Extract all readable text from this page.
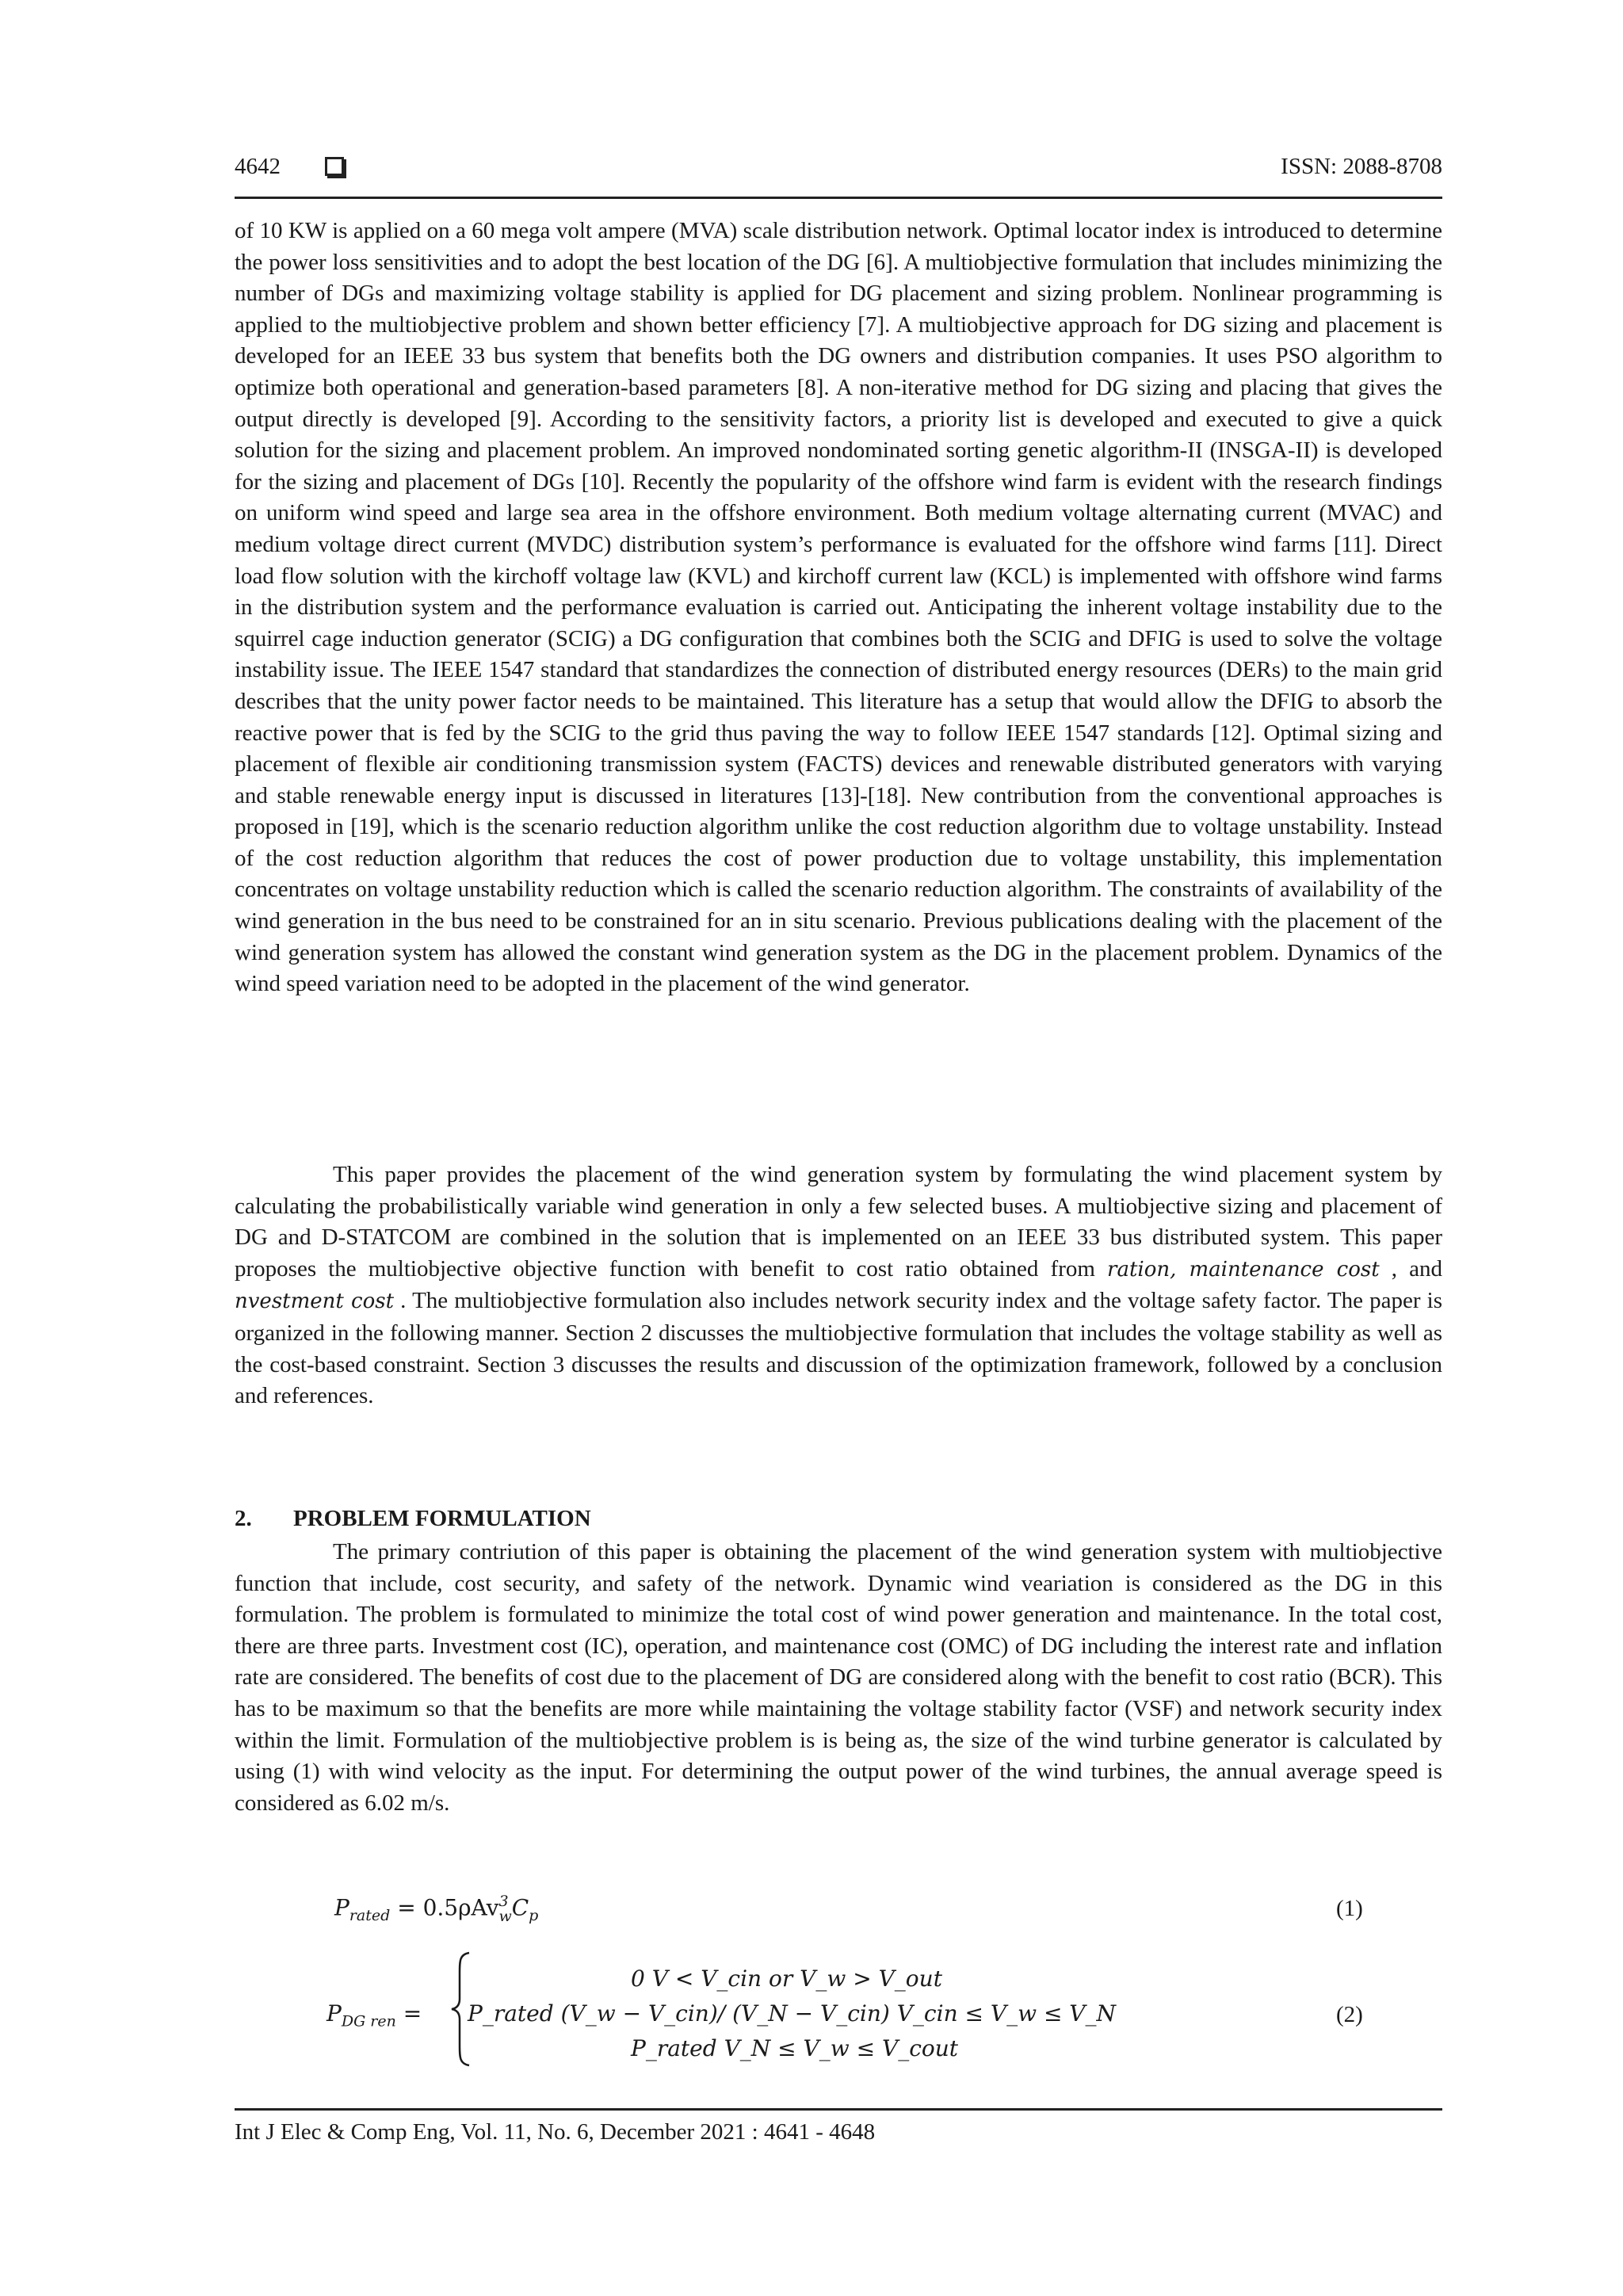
4642	ISSN: 2088-8708

of 10 KW is applied on a 60 mega volt ampere (MVA) scale distribution network. Optimal locator index is introduced to determine the power loss sensitivities and to adopt the best location of the DG [6]. A multiobjective formulation that includes minimizing the number of DGs and maximizing voltage stability is applied for DG placement and sizing problem. Nonlinear programming is applied to the multiobjective problem and shown better efficiency [7]. A multiobjective approach for DG sizing and placement is developed for an IEEE 33 bus system that benefits both the DG owners and distribution companies. It uses PSO algorithm to optimize both operational and generation-based parameters [8]. A non-iterative method for DG sizing and placing that gives the output directly is developed [9]. According to the sensitivity factors, a priority list is developed and executed to give a quick solution for the sizing and placement problem. An improved nondominated sorting genetic algorithm-II (INSGA-II) is developed for the sizing and placement of DGs [10]. Recently the popularity of the offshore wind farm is evident with the research findings on uniform wind speed and large sea area in the offshore environment. Both medium voltage alternating current (MVAC) and medium voltage direct current (MVDC) distribution system’s performance is evaluated for the offshore wind farms [11]. Direct load flow solution with the kirchoff voltage law (KVL) and kirchoff current law (KCL) is implemented with offshore wind farms in the distribution system and the performance evaluation is carried out. Anticipating the inherent voltage instability due to the squirrel cage induction generator (SCIG) a DG configuration that combines both the SCIG and DFIG is used to solve the voltage instability issue. The IEEE 1547 standard that standardizes the connection of distributed energy resources (DERs) to the main grid describes that the unity power factor needs to be maintained. This literature has a setup that would allow the DFIG to absorb the reactive power that is fed by the SCIG to the grid thus paving the way to follow IEEE 1547 standards [12]. Optimal sizing and placement of flexible air conditioning transmission system (FACTS) devices and renewable distributed generators with varying and stable renewable energy input is discussed in literatures [13]-[18]. New contribution from the conventional approaches is proposed in [19], which is the scenario reduction algorithm unlike the cost reduction algorithm due to voltage unstability. Instead of the cost reduction algorithm that reduces the cost of power production due to voltage unstability, this implementation concentrates on voltage unstability reduction which is called the scenario reduction algorithm. The constraints of availability of the wind generation in the bus need to be constrained for an in situ scenario. Previous publications dealing with the placement of the wind generation system has allowed the constant wind generation system as the DG in the placement problem. Dynamics of the wind speed variation need to be adopted in the placement of the wind generator.

This paper provides the placement of the wind generation system by formulating the wind placement system by calculating the probabilistically variable wind generation in only a few selected buses. A multiobjective sizing and placement of DG and D-STATCOM are combined in the solution that is implemented on an IEEE 33 bus distributed system. This paper proposes the multiobjective objective function with benefit to cost ratio obtained from ration, maintenance cost , and nvestment cost . The multiobjective formulation also includes network security index and the voltage safety factor. The paper is organized in the following manner. Section 2 discusses the multiobjective formulation that includes the voltage stability as well as the cost-based constraint. Section 3 discusses the results and discussion of the optimization framework, followed by a conclusion and references.

2. PROBLEM FORMULATION

The primary contriution of this paper is obtaining the placement of the wind generation system with multiobjective function that include, cost security, and safety of the network. Dynamic wind veariation is considered as the DG in this formulation. The problem is formulated to minimize the total cost of wind power generation and maintenance. In the total cost, there are three parts. Investment cost (IC), operation, and maintenance cost (OMC) of DG including the interest rate and inflation rate are considered. The benefits of cost due to the placement of DG are considered along with the benefit to cost ratio (BCR). This has to be maximum so that the benefits are more while maintaining the voltage stability factor (VSF) and network security index within the limit. Formulation of the multiobjective problem is is being as, the size of the wind turbine generator is calculated by using (1) with wind velocity as the input. For determining the output power of the wind turbines, the annual average speed is considered as 6.02 m/s.

$P_{rated} = 0.5\rho Av$ 3
w $C_p$	(1)
$P_{DG ren}$ =
0 V < V_cin or V_w > V_out
P_rated (V_w − V_cin)/ (V_N − V_cin) V_cin ≤ V_w ≤ V_N
P_rated V_N ≤ V_w ≤ V_cout
(2)
Int J Elec & Comp Eng, Vol. 11, No. 6, December 2021 : 4641 - 4648
